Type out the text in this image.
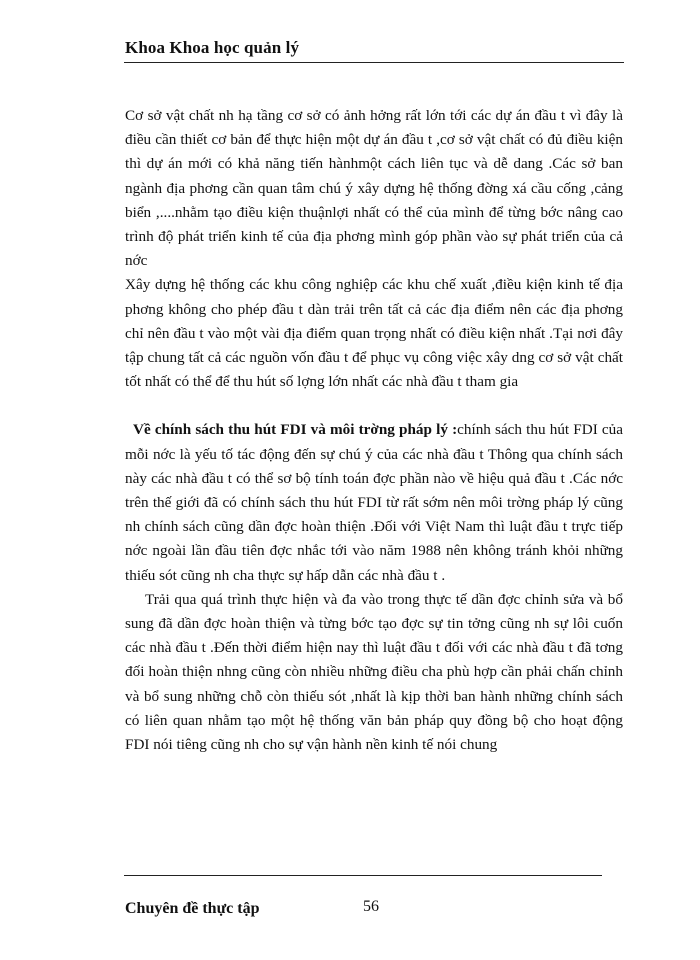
Khoa Khoa học quản lý

Cơ sở vật chất nh hạ tầng cơ sở có ảnh hởng rất lớn tới các dự án đầu t vì đây là điều cần thiết cơ bản để thực hiện một dự án đầu t ,cơ sở vật chất có đủ điều kiện thì dự án mới có khả năng tiến hànhmột cách liên tục và dễ dang .Các sở ban ngành địa phơng cần quan tâm chú ý xây dựng hệ thống đờng xá cầu cống ,cảng biển ,....nhằm tạo điều kiện thuậnlợi nhất có thể của mình để từng bớc nâng cao trình độ phát triển kinh tế của địa phơng mình góp phần vào sự phát triển của cả nớc

Xây dựng hệ thống các khu công nghiệp các khu chế xuất ,điều kiện kinh tế địa phơng không cho phép đầu t dàn trải trên tất cả các địa điểm nên các địa phơng chỉ nên đầu t vào một vài địa điểm quan trọng nhất có điều kiện nhất .Tại nơi đây tập chung tất cả các nguồn vốn đầu t để phục vụ công việc xây dng cơ sở vật chất tốt nhất có thể để thu hút số lợng lớn nhất các nhà đầu t tham gia

Về chính sách thu hút FDI và môi trờng pháp lý :chính sách thu hút FDI của mỗi nớc là yếu tố tác động đến sự chú ý của các nhà đầu t Thông qua chính sách này các nhà đầu t có thể sơ bộ tính toán đợc phần nào về hiệu quả đầu t .Các nớc trên thế giới đã có chính sách thu hút FDI từ rất sớm nên môi trờng pháp lý cũng nh chính sách cũng dần đợc hoàn thiện .Đối với Việt Nam thì luật đầu t trực tiếp nớc ngoài lần đầu tiên đợc nhắc tới vào năm 1988 nên không tránh khỏi những thiếu sót cũng nh cha thực sự hấp dẫn các nhà đầu t .

Trải qua quá trình thực hiện và đa vào trong thực tế dần đợc chỉnh sửa và bổ sung đã dần đợc hoàn thiện và từng bớc tạo đợc sự tin tởng cũng nh sự lôi cuốn các nhà đầu t .Đến thời điểm hiện nay thì luật đầu t đối với các nhà đầu t đã tơng đối hoàn thiện nhng cũng còn nhiều những điều cha phù hợp cần phải chấn chỉnh và bổ sung những chỗ còn thiếu sót ,nhất là kịp thời ban hành những chính sách có liên quan nhằm tạo một hệ thống văn bản pháp quy đồng bộ cho hoạt động FDI nói tiêng cũng nh cho sự vận hành nền kinh tế nói chung

Chuyên đề thực tập	56
